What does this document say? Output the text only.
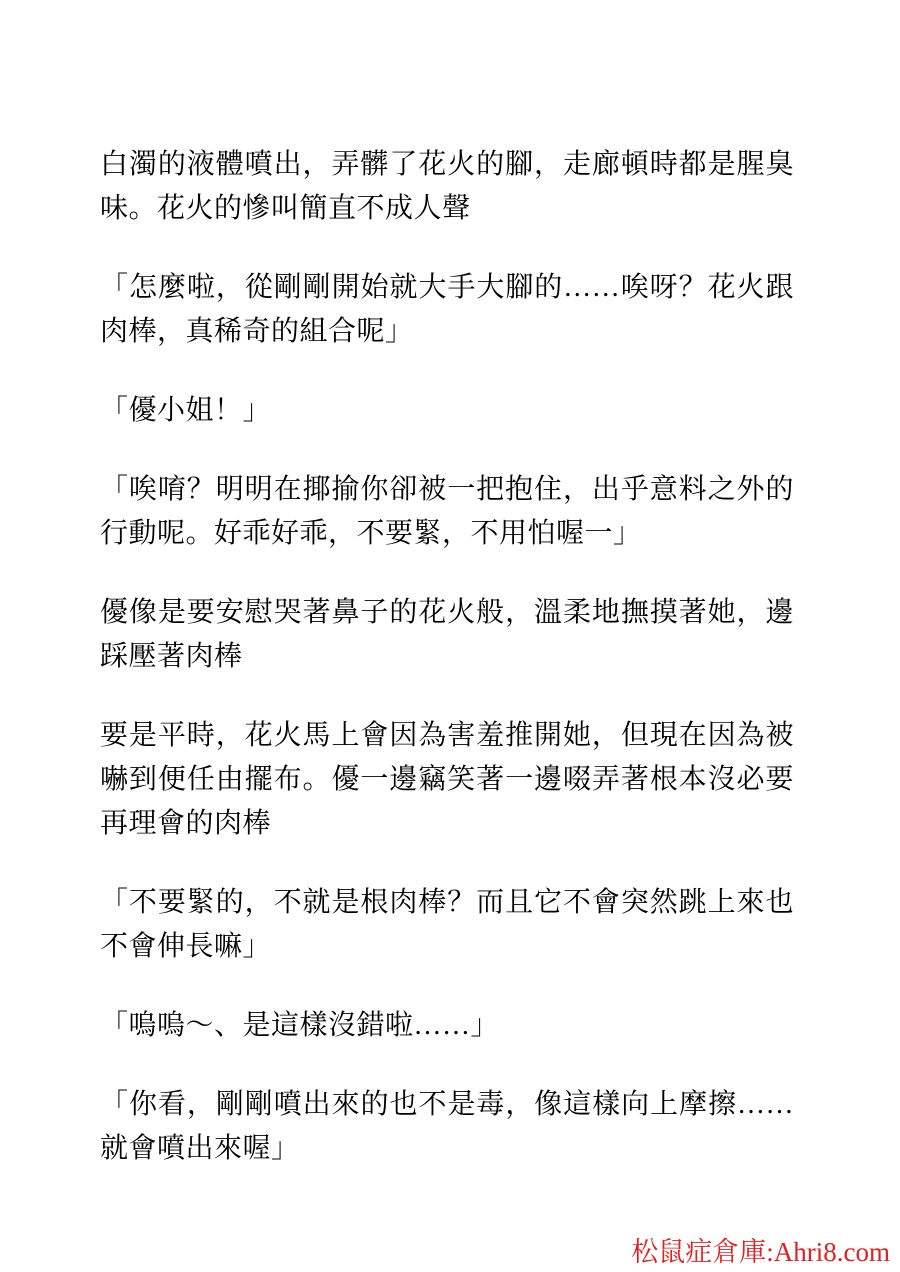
白濁的液體噴出，弄髒了花火的腳，走廊頓時都是腥臭味。花火的慘叫簡直不成人聲

「怎麼啦，從剛剛開始就大手大腳的……唉呀？花火跟肉棒，真稀奇的組合呢」

「優小姐！」

「唉唷？明明在揶揄你卻被一把抱住，出乎意料之外的行動呢。好乖好乖，不要緊，不用怕喔一」

優像是要安慰哭著鼻子的花火般，溫柔地撫摸著她，邊踩壓著肉棒

要是平時，花火馬上會因為害羞推開她，但現在因為被嚇到便任由擺布。優一邊竊笑著一邊啜弄著根本沒必要再理會的肉棒

「不要緊的，不就是根肉棒？而且它不會突然跳上來也不會伸長嘛」

「嗚嗚～、是這樣沒錯啦……」

「你看，剛剛噴出來的也不是毒，像這樣向上摩擦……就會噴出來喔」

松鼠症倉庫:Ahri8.com
